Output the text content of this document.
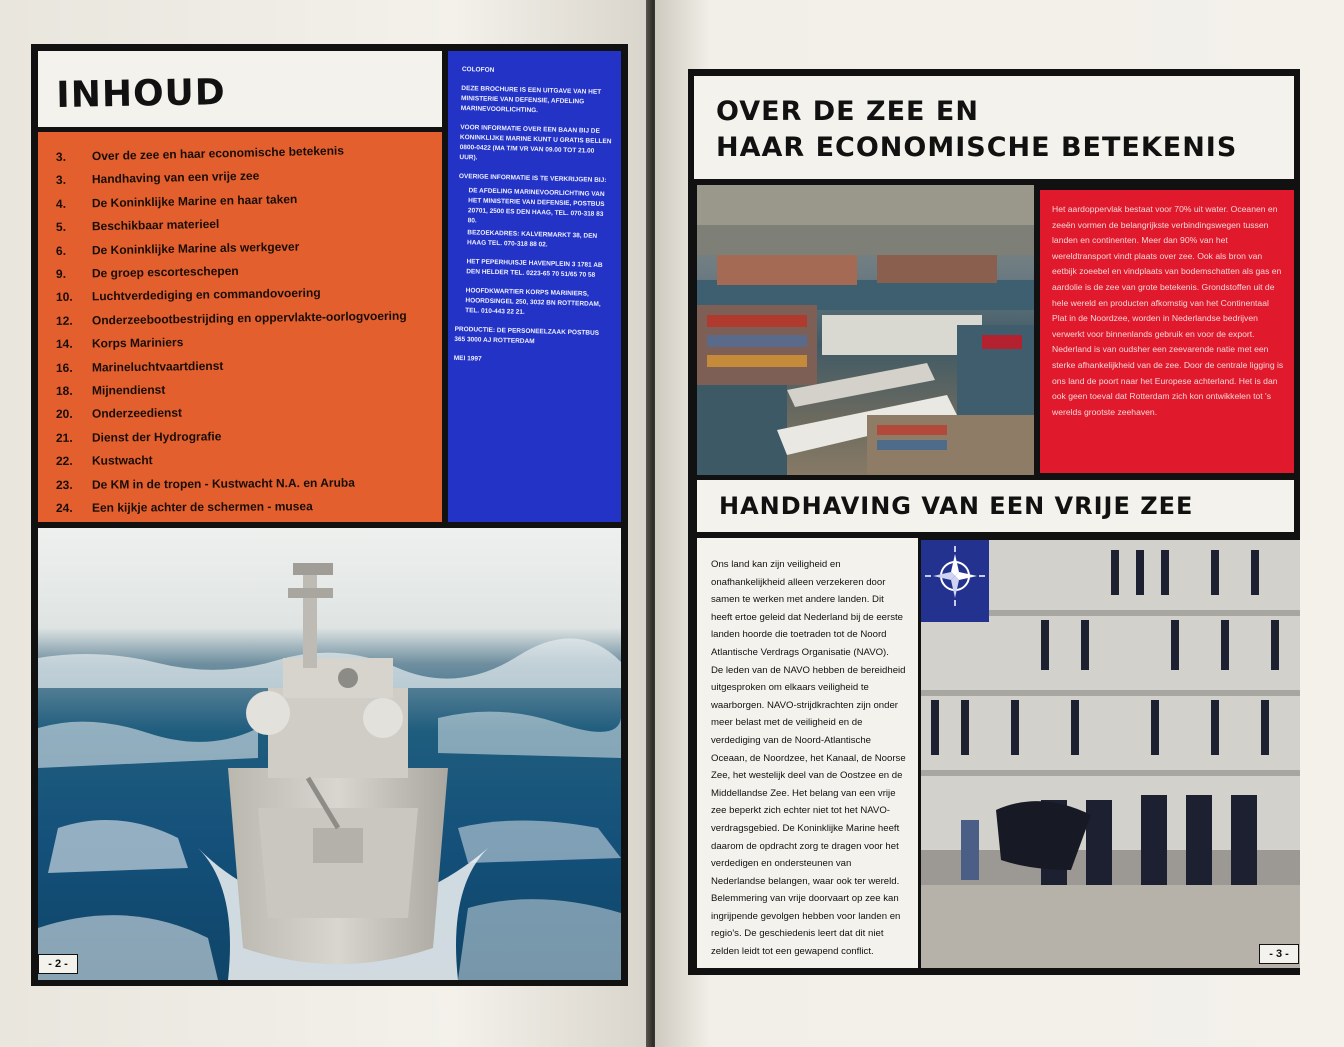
INHOUD
3.	Over de zee en haar economische betekenis
3.	Handhaving van een vrije zee
4.	De Koninklijke Marine en haar taken
5.	Beschikbaar materieel
6.	De Koninklijke Marine als werkgever
9.	De groep escorteschepen
10.	Luchtverdediging en commandovoering
12.	Onderzeebootbestrijding en oppervlakte-oorlogvoering
14.	Korps Mariniers
16.	Marineluchtvaartdienst
18.	Mijnendienst
20.	Onderzeedienst
21.	Dienst der Hydrografie
22.	Kustwacht
23.	De KM in de tropen - Kustwacht N.A. en Aruba
24.	Een kijkje achter de schermen - musea

COLOFON

DEZE BROCHURE IS EEN UITGAVE VAN HET MINISTERIE VAN DEFENSIE, AFDELING MARINEVOORLICHTING.

VOOR INFORMATIE OVER EEN BAAN BIJ DE KONINKLIJKE MARINE KUNT U GRATIS BELLEN 0800-0422 (MA T/M VR VAN 09.00 TOT 21.00 UUR).

OVERIGE INFORMATIE IS TE VERKRIJGEN BIJ:

DE AFDELING MARINEVOORLICHTING VAN HET MINISTERIE VAN DEFENSIE, POSTBUS 20701, 2500 ES DEN HAAG, TEL. 070-318 83 80.

BEZOEKADRES: KALVERMARKT 38, DEN HAAG TEL. 070-318 88 02.

HET PEPERHUISJE HAVENPLEIN 3 1781 AB DEN HELDER TEL. 0223-65 70 51/65 70 58

HOOFDKWARTIER KORPS MARINIERS, HOORDSINGEL 250, 3032 BN ROTTERDAM, TEL. 010-443 22 21.

PRODUCTIE: DE PERSONEELZAAK POSTBUS 365 3000 AJ ROTTERDAM

MEI 1997

- 2 -
OVER DE ZEE EN
HAAR ECONOMISCHE BETEKENIS
Het aardoppervlak bestaat voor 70% uit water. Oceanen en zeeën vormen de belangrijkste verbindingswegen tussen landen en continenten. Meer dan 90% van het wereldtransport vindt plaats over zee. Ook als bron van eetbijk zoeebel en vindplaats van bodemschatten als gas en aardolie is de zee van grote betekenis. Grondstoffen uit de hele wereld en producten afkomstig van het Continentaal Plat in de Noordzee, worden in Nederlandse bedrijven verwerkt voor binnenlands gebruik en voor de export. Nederland is van oudsher een zeevarende natie met een sterke afhankelijkheid van de zee. Door de centrale ligging is ons land de poort naar het Europese achterland. Het is dan ook geen toeval dat Rotterdam zich kon ontwikkelen tot 's werelds grootste zeehaven.
HANDHAVING VAN EEN VRIJE ZEE

Ons land kan zijn veiligheid en onafhankelijkheid alleen verzekeren door samen te werken met andere landen. Dit heeft ertoe geleid dat Nederland bij de eerste landen hoorde die toetraden tot de Noord Atlantische Verdrags Organisatie (NAVO).

De leden van de NAVO hebben de bereidheid uitgesproken om elkaars veiligheid te waarborgen. NAVO-strijdkrachten zijn onder meer belast met de veiligheid en de verdediging van de Noord-Atlantische Oceaan, de Noordzee, het Kanaal, de Noorse Zee, het westelijk deel van de Oostzee en de Middellandse Zee. Het belang van een vrije zee beperkt zich echter niet tot het NAVO-verdragsgebied. De Koninklijke Marine heeft daarom de opdracht zorg te dragen voor het verdedigen en ondersteunen van Nederlandse belangen, waar ook ter wereld. Belemmering van vrije doorvaart op zee kan ingrijpende gevolgen hebben voor landen en regio's. De geschiedenis leert dat dit niet zelden leidt tot een gewapend conflict.	- 3 -
